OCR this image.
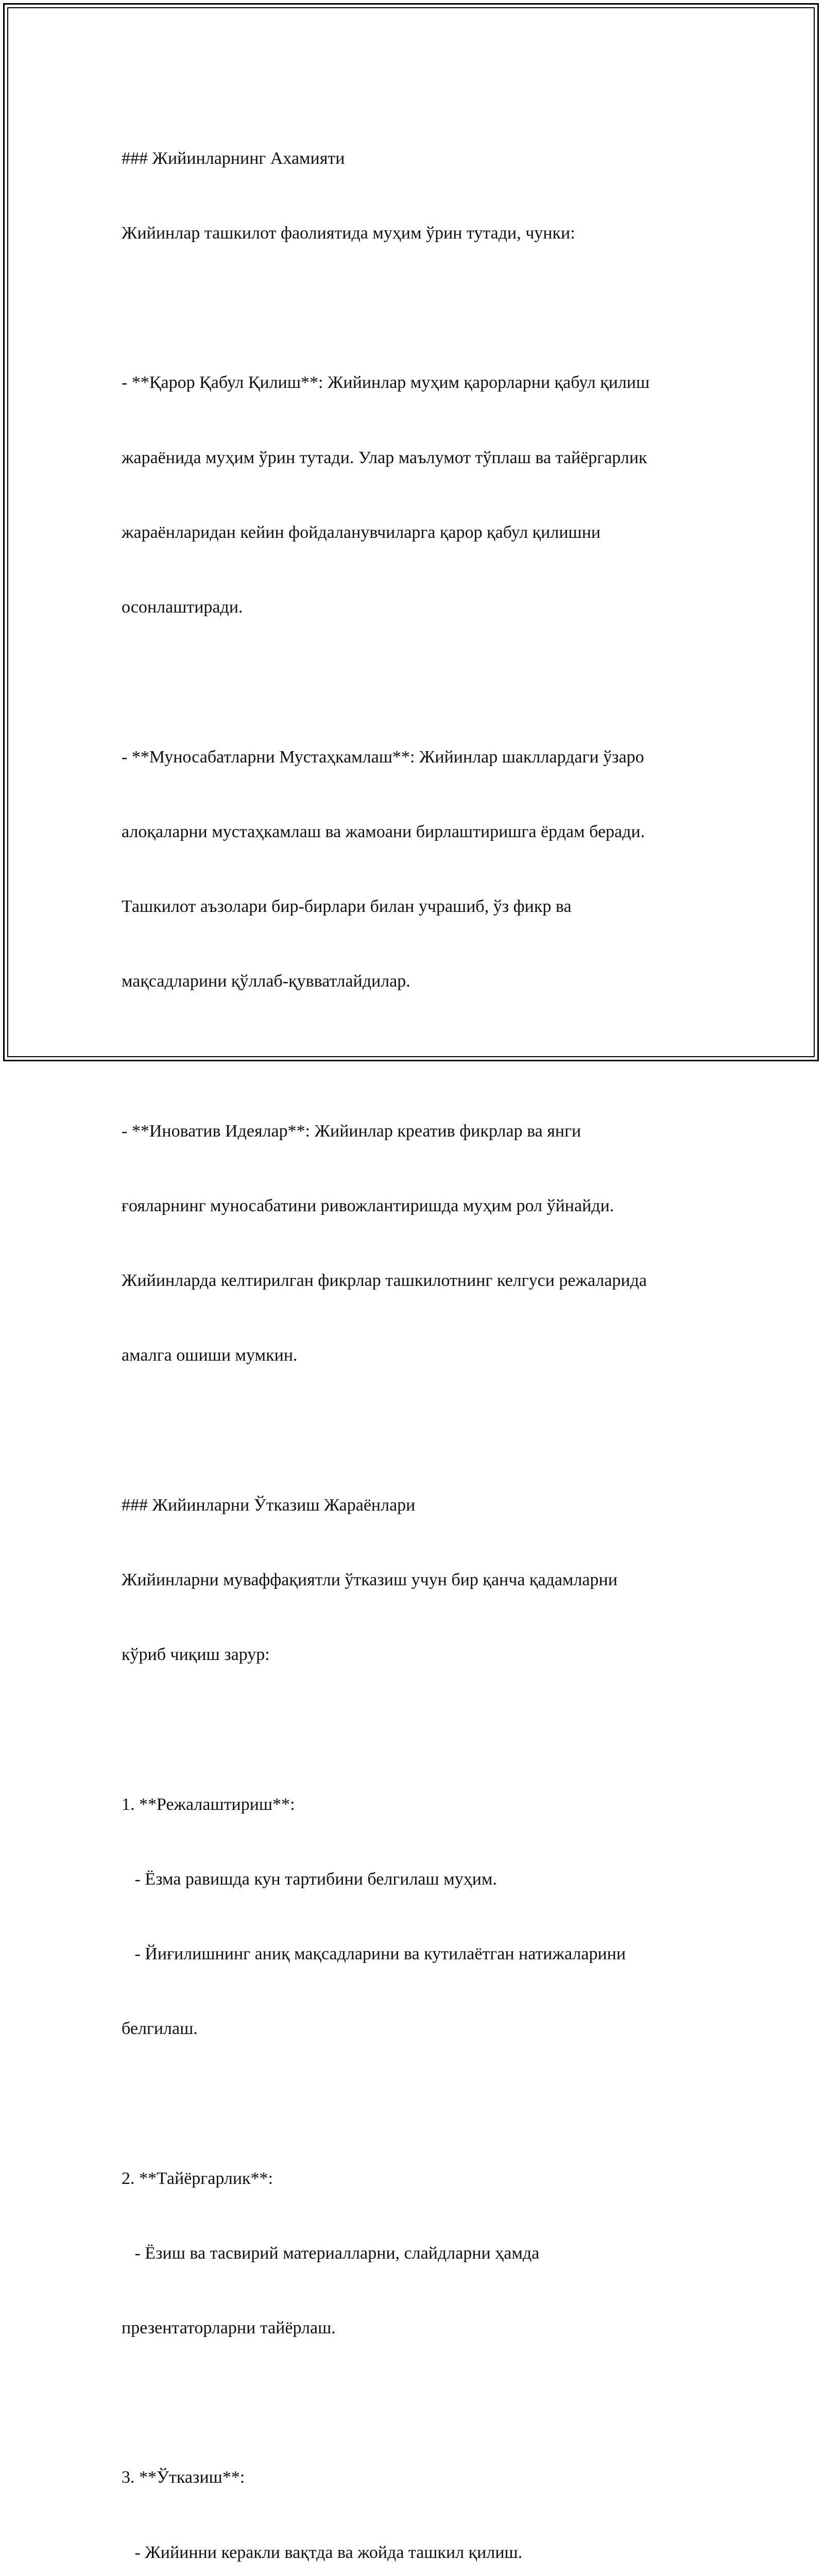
### Жийинларнинг Ахамияти

Жийинлар ташкилот фаолиятида муҳим ўрин тутади, чунки:

- **Қарор Қабул Қилиш**: Жийинлар муҳим қарорларни қабул қилиш

жараёнида муҳим ўрин тутади. Улар маълумот тўплаш ва тайёргарлик

жараёнларидан кейин фойдаланувчиларга қарор қабул қилишни

осонлаштиради.

- **Муносабатларни Мустаҳкамлаш**: Жийинлар шакллардаги ўзаро

алоқаларни мустаҳкамлаш ва жамоани бирлаштиришга ёрдам беради.

Ташкилот аъзолари бир-бирлари билан учрашиб, ўз фикр ва

мақсадларини қўллаб-қувватлайдилар.

- **Иноватив Идеялар**: Жийинлар креатив фикрлар ва янги

ғояларнинг муносабатини ривожлантиришда муҳим рол ўйнайди.

Жийинларда келтирилган фикрлар ташкилотнинг келгуси режаларида

амалга ошиши мумкин.

### Жийинларни Ўтказиш Жараёнлари

Жийинларни муваффақиятли ўтказиш учун бир қанча қадамларни

кўриб чиқиш зарур:

1. **Режалаштириш**:

- Ёзма равишда кун тартибини белгилаш муҳим.

- Йиғилишнинг аниқ мақсадларини ва кутилаётган натижаларини

белгилаш.

2. **Тайёргарлик**:

- Ёзиш ва тасвирий материалларни, слайдларни ҳамда

презентаторларни тайёрлаш.

3. **Ўтказиш**:

- Жийинни керакли вақтда ва жойда ташкил қилиш.
